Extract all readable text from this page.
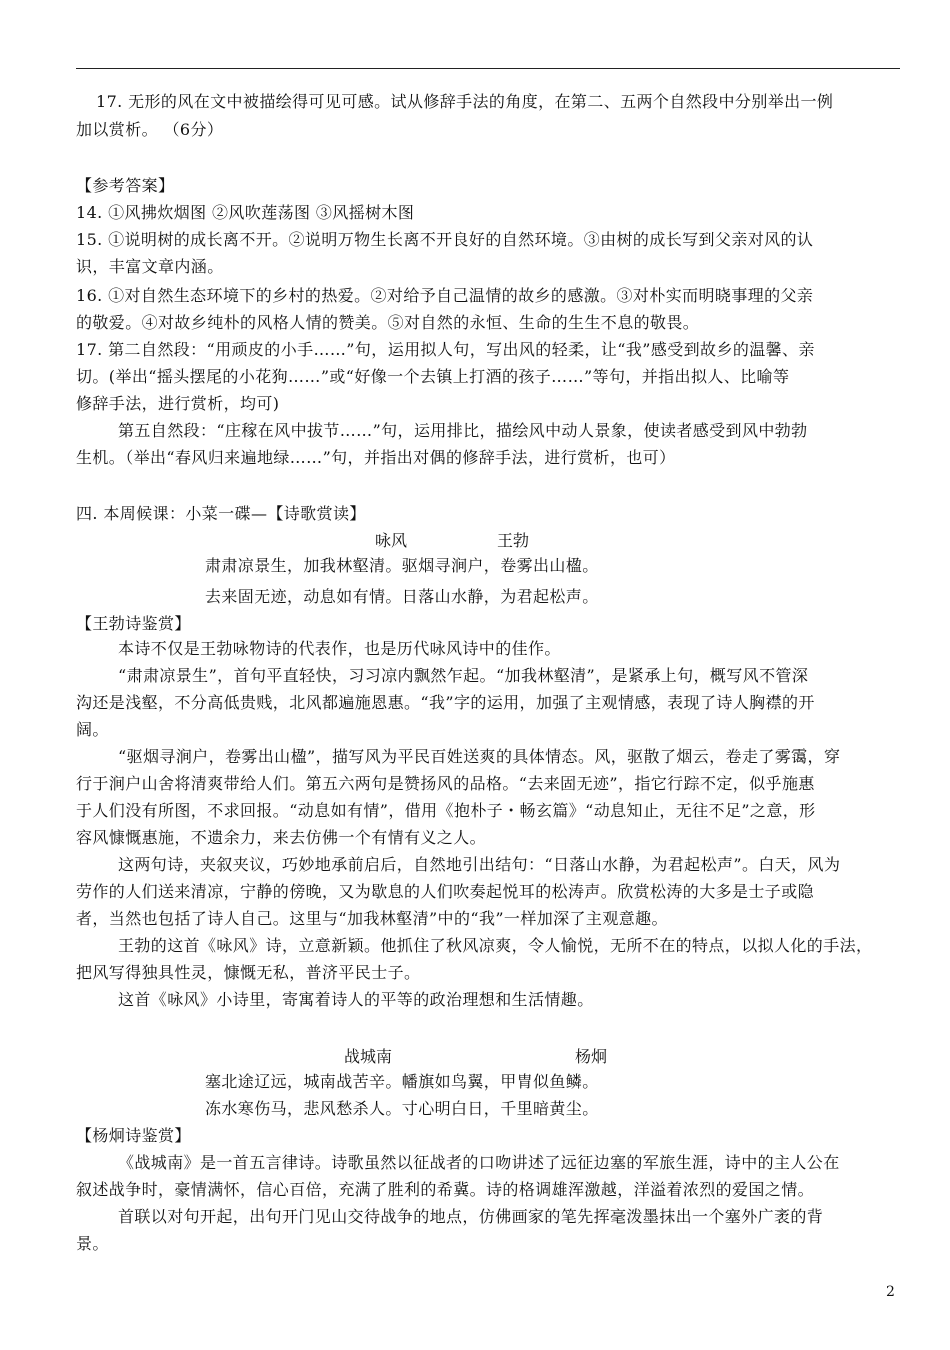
17. 无形的风在文中被描绘得可见可感。试从修辞手法的角度，在第二、五两个自然段中分别举出一例
加以赏析。 （6分）
【参考答案】
14. ①风拂炊烟图 ②风吹莲荡图 ③风摇树木图
15. ①说明树的成长离不开。②说明万物生长离不开良好的自然环境。③由树的成长写到父亲对风的认
识，丰富文章内涵。
16. ①对自然生态环境下的乡村的热爱。②对给予自己温情的故乡的感激。③对朴实而明晓事理的父亲
的敬爱。④对故乡纯朴的风格人情的赞美。⑤对自然的永恒、生命的生生不息的敬畏。
17. 第二自然段：“用顽皮的小手……”句，运用拟人句，写出风的轻柔，让“我”感受到故乡的温馨、亲
切。(举出“摇头摆尾的小花狗……”或“好像一个去镇上打酒的孩子……”等句，并指出拟人、比喻等
修辞手法，进行赏析，均可)
第五自然段：“庄稼在风中拔节……”句，运用排比，描绘风中动人景象，使读者感受到风中勃勃
生机。（举出“春风归来遍地绿……”句，并指出对偶的修辞手法，进行赏析，也可）
四. 本周候课：小菜一碟—【诗歌赏读】
咏风	王勃
肃肃凉景生，加我林壑清。驱烟寻涧户，卷雾出山楹。
去来固无迹，动息如有情。日落山水静，为君起松声。
【王勃诗鉴赏】
本诗不仅是王勃咏物诗的代表作，也是历代咏风诗中的佳作。
“肃肃凉景生”，首句平直轻快，习习凉内飘然乍起。“加我林壑清”，是紧承上句，概写风不管深
沟还是浅壑，不分高低贵贱，北风都遍施恩惠。“我”字的运用，加强了主观情感，表现了诗人胸襟的开
阔。
“驱烟寻涧户，卷雾出山楹”，描写风为平民百姓送爽的具体情态。风，驱散了烟云，卷走了雾霭，穿
行于涧户山舍将清爽带给人们。第五六两句是赞扬风的品格。“去来固无迹”，指它行踪不定，似乎施惠
于人们没有所图，不求回报。“动息如有情”，借用《抱朴子・畅玄篇》“动息知止，无往不足”之意，形
容风慷慨惠施，不遗余力，来去仿佛一个有情有义之人。
这两句诗，夹叙夹议，巧妙地承前启后，自然地引出结句：“日落山水静，为君起松声”。白天，风为
劳作的人们送来清凉，宁静的傍晚，又为歇息的人们吹奏起悦耳的松涛声。欣赏松涛的大多是士子或隐
者，当然也包括了诗人自己。这里与“加我林壑清”中的“我”一样加深了主观意趣。
王勃的这首《咏风》诗，立意新颖。他抓住了秋风凉爽，令人愉悦，无所不在的特点，以拟人化的手法，
把风写得独具性灵，慷慨无私，普济平民士子。
这首《咏风》小诗里，寄寓着诗人的平等的政治理想和生活情趣。
战城南	杨炯
塞北途辽远，城南战苦辛。幡旗如鸟翼，甲胄似鱼鳞。
冻水寒伤马，悲风愁杀人。寸心明白日，千里暗黄尘。
【杨炯诗鉴赏】
《战城南》是一首五言律诗。诗歌虽然以征战者的口吻讲述了远征边塞的军旅生涯，诗中的主人公在
叙述战争时，豪情满怀，信心百倍，充满了胜利的希冀。诗的格调雄浑激越，洋溢着浓烈的爱国之情。
首联以对句开起，出句开门见山交待战争的地点，仿佛画家的笔先挥毫泼墨抹出一个塞外广袤的背
景。
2
